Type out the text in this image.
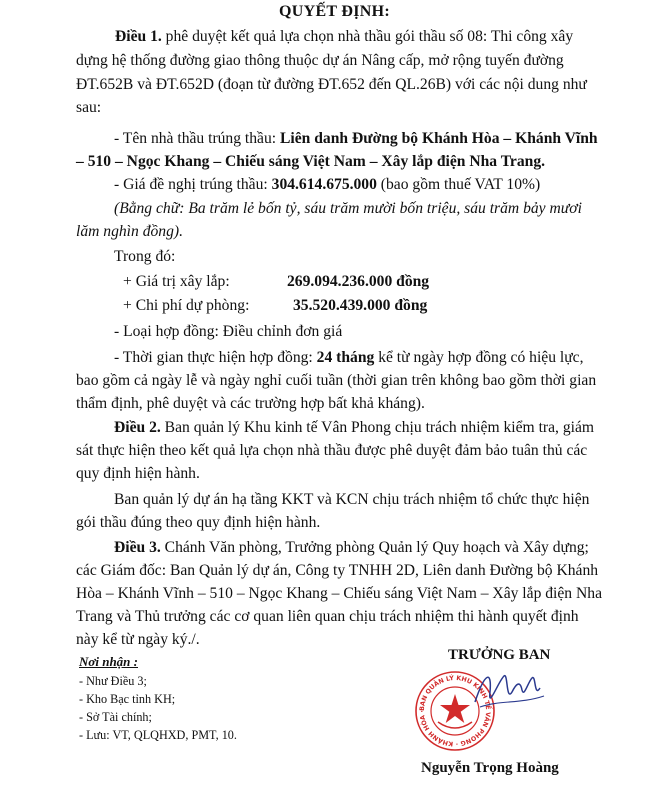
QUYẾT ĐỊNH:
Điều 1. phê duyệt kết quả lựa chọn nhà thầu gói thầu số 08: Thi công xây
dựng hệ thống đường giao thông thuộc dự án Nâng cấp, mở rộng tuyến đường
ĐT.652B và ĐT.652D (đoạn từ đường ĐT.652 đến QL.26B) với các nội dung như
sau:
- Tên nhà thầu trúng thầu: Liên danh Đường bộ Khánh Hòa – Khánh Vĩnh
– 510 – Ngọc Khang – Chiếu sáng Việt Nam – Xây lắp điện Nha Trang.
- Giá đề nghị trúng thầu: 304.614.675.000 (bao gồm thuế VAT 10%)
(Bằng chữ: Ba trăm lẻ bốn tỷ, sáu trăm mười bốn triệu, sáu trăm bảy mươi
lăm nghìn đồng).
Trong đó:
+ Giá trị xây lắp:	269.094.236.000 đồng
+ Chi phí dự phòng:	35.520.439.000 đồng
- Loại hợp đồng: Điều chỉnh đơn giá
- Thời gian thực hiện hợp đồng: 24 tháng kể từ ngày hợp đồng có hiệu lực,
bao gồm cả ngày lễ và ngày nghỉ cuối tuần (thời gian trên không bao gồm thời gian
thẩm định, phê duyệt và các trường hợp bất khả kháng).
Điều 2. Ban quản lý Khu kinh tế Vân Phong chịu trách nhiệm kiểm tra, giám
sát thực hiện theo kết quả lựa chọn nhà thầu được phê duyệt đảm bảo tuân thủ các
quy định hiện hành.
Ban quản lý dự án hạ tầng KKT và KCN chịu trách nhiệm tổ chức thực hiện
gói thầu đúng theo quy định hiện hành.
Điều 3. Chánh Văn phòng, Trưởng phòng Quản lý Quy hoạch và Xây dựng;
các Giám đốc: Ban Quản lý dự án, Công ty TNHH 2D, Liên danh Đường bộ Khánh
Hòa – Khánh Vĩnh – 510 – Ngọc Khang – Chiếu sáng Việt Nam – Xây lắp điện Nha
Trang và Thủ trưởng các cơ quan liên quan chịu trách nhiệm thi hành quyết định
này kể từ ngày ký./.
Nơi nhận :
- Như Điều 3;
- Kho Bạc tỉnh KH;
- Sở Tài chính;
- Lưu: VT, QLQHXD, PMT, 10.
TRƯỞNG BAN
BAN QUẢN LÝ KHU KINH TẾ VÂN PHONG · KHÁNH HÒA ·
Nguyễn Trọng Hoàng
